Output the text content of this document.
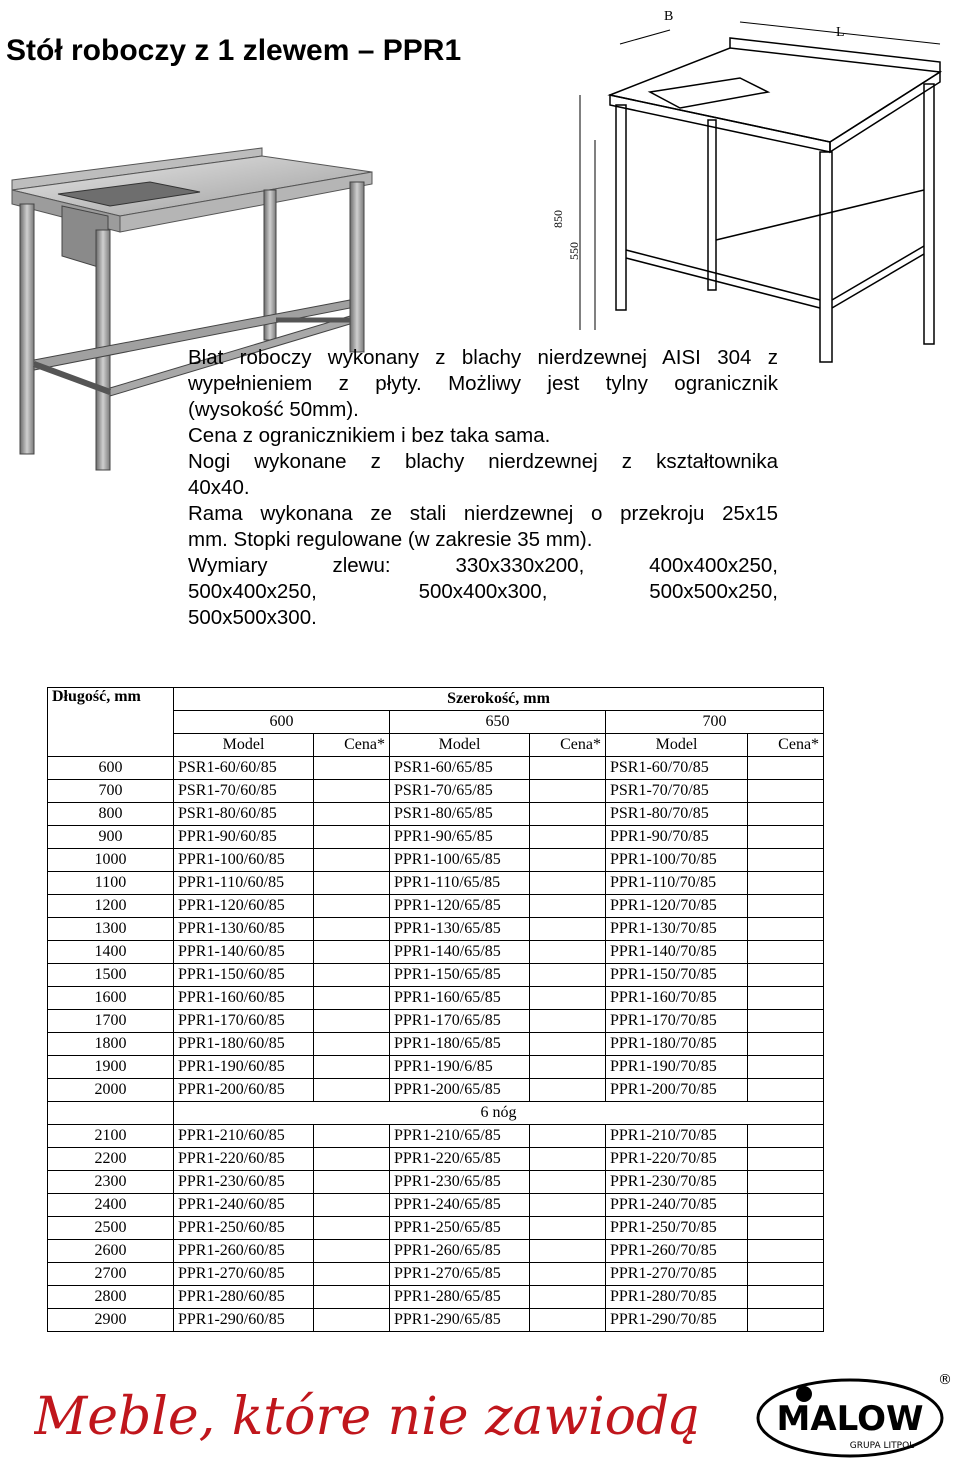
Stół roboczy z 1 zlewem – PPR1
B
L
850
550
Blat roboczy wykonany z blachy nierdzewnej AISI 304 z
wypełnieniem z płyty. Możliwy jest tylny ogranicznik
(wysokość 50mm).
Cena z ogranicznikiem i bez taka sama.
Nogi wykonane z blachy nierdzewnej z kształtownika
40x40.
Rama wykonana ze stali nierdzewnej o przekroju 25x15
mm. Stopki regulowane (w zakresie 35 mm).
Wymiary zlewu: 330x330x200, 400x400x250,
500x400x250, 500x400x300, 500x500x250,
500x500x300.
Długość, mm	Szerokość, mm					
	600		650		700	
	Model	Cena*	Model	Cena*	Model	Cena*
600	PSR1-60/60/85		PSR1-60/65/85		PSR1-60/70/85	
700	PSR1-70/60/85		PSR1-70/65/85		PSR1-70/70/85	
800	PSR1-80/60/85		PSR1-80/65/85		PSR1-80/70/85	
900	PPR1-90/60/85		PPR1-90/65/85		PPR1-90/70/85	
1000	PPR1-100/60/85		PPR1-100/65/85		PPR1-100/70/85	
1100	PPR1-110/60/85		PPR1-110/65/85		PPR1-110/70/85	
1200	PPR1-120/60/85		PPR1-120/65/85		PPR1-120/70/85	
1300	PPR1-130/60/85		PPR1-130/65/85		PPR1-130/70/85	
1400	PPR1-140/60/85		PPR1-140/65/85		PPR1-140/70/85	
1500	PPR1-150/60/85		PPR1-150/65/85		PPR1-150/70/85	
1600	PPR1-160/60/85		PPR1-160/65/85		PPR1-160/70/85	
1700	PPR1-170/60/85		PPR1-170/65/85		PPR1-170/70/85	
1800	PPR1-180/60/85		PPR1-180/65/85		PPR1-180/70/85	
1900	PPR1-190/60/85		PPR1-190/6/85		PPR1-190/70/85	
2000	PPR1-200/60/85		PPR1-200/65/85		PPR1-200/70/85	
	6 nóg					
2100	PPR1-210/60/85		PPR1-210/65/85		PPR1-210/70/85	
2200	PPR1-220/60/85		PPR1-220/65/85		PPR1-220/70/85	
2300	PPR1-230/60/85		PPR1-230/65/85		PPR1-230/70/85	
2400	PPR1-240/60/85		PPR1-240/65/85		PPR1-240/70/85	
2500	PPR1-250/60/85		PPR1-250/65/85		PPR1-250/70/85	
2600	PPR1-260/60/85		PPR1-260/65/85		PPR1-260/70/85	
2700	PPR1-270/60/85		PPR1-270/65/85		PPR1-270/70/85	
2800	PPR1-280/60/85		PPR1-280/65/85		PPR1-280/70/85	
2900	PPR1-290/60/85		PPR1-290/65/85		PPR1-290/70/85	
Meble, które nie zawiodą MALOW
GRUPA LITPOL
®
